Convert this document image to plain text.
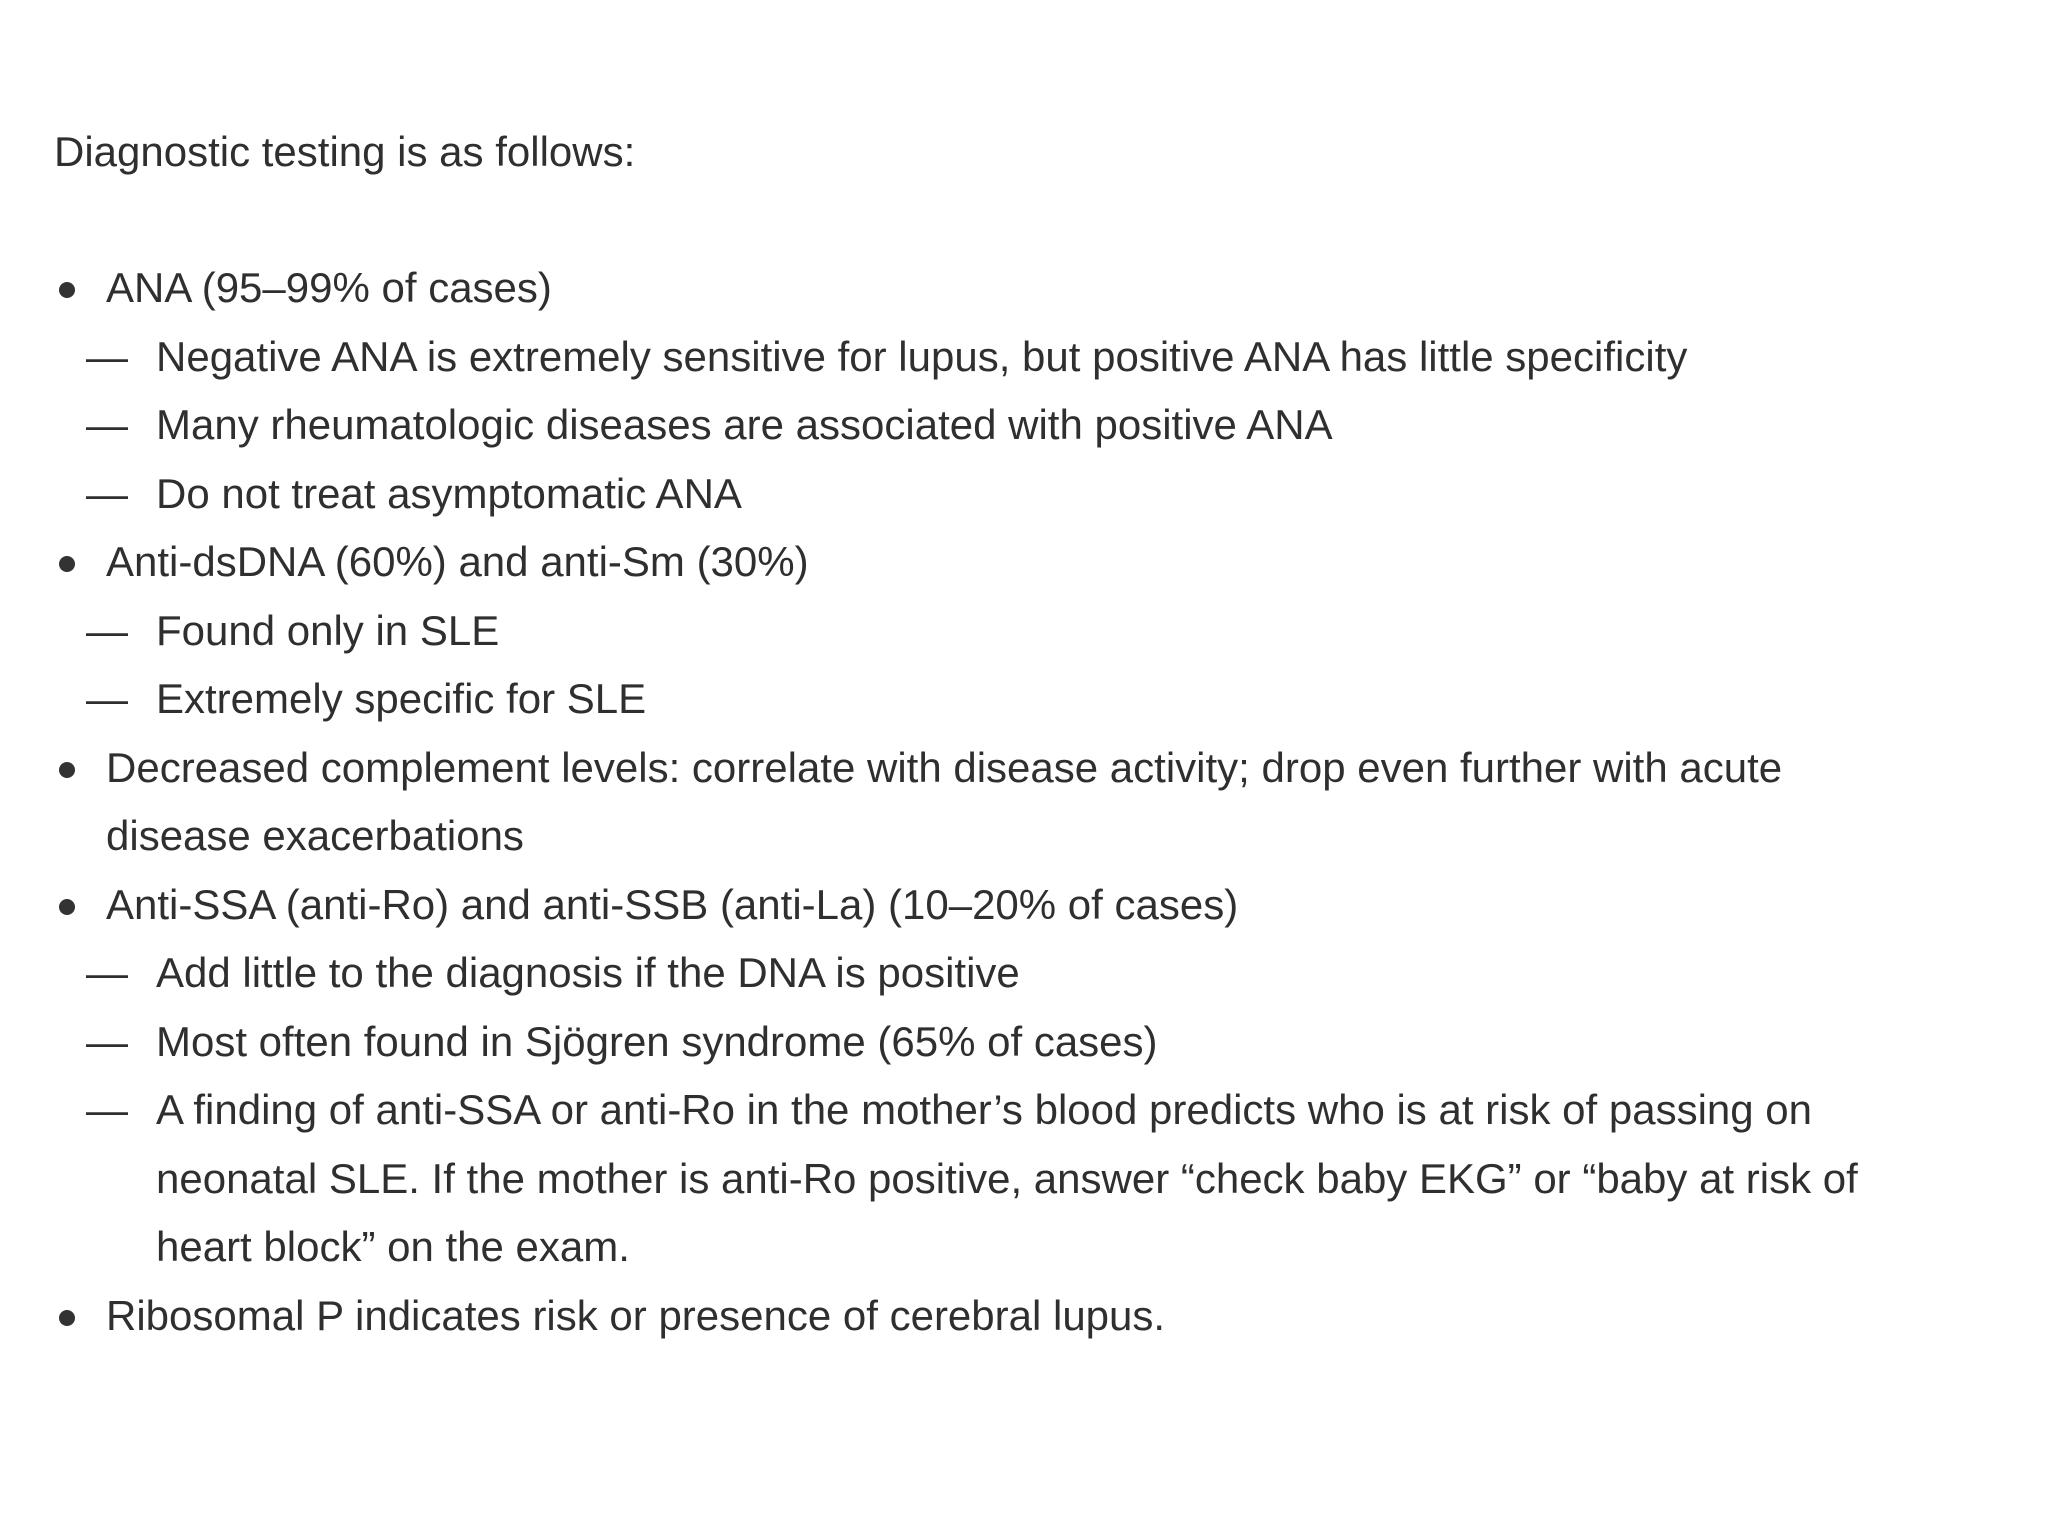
Diagnostic testing is as follows:

ANA (95–99% of cases)
— Negative ANA is extremely sensitive for lupus, but positive ANA has little specificity
— Many rheumatologic diseases are associated with positive ANA
— Do not treat asymptomatic ANA
Anti-dsDNA (60%) and anti-Sm (30%)
— Found only in SLE
— Extremely specific for SLE
Decreased complement levels: correlate with disease activity; drop even further with acute disease exacerbations
Anti-SSA (anti-Ro) and anti-SSB (anti-La) (10–20% of cases)
— Add little to the diagnosis if the DNA is positive
— Most often found in Sjögren syndrome (65% of cases)
— A finding of anti-SSA or anti-Ro in the mother’s blood predicts who is at risk of passing on neonatal SLE. If the mother is anti-Ro positive, answer “check baby EKG” or “baby at risk of heart block” on the exam.
Ribosomal P indicates risk or presence of cerebral lupus.
